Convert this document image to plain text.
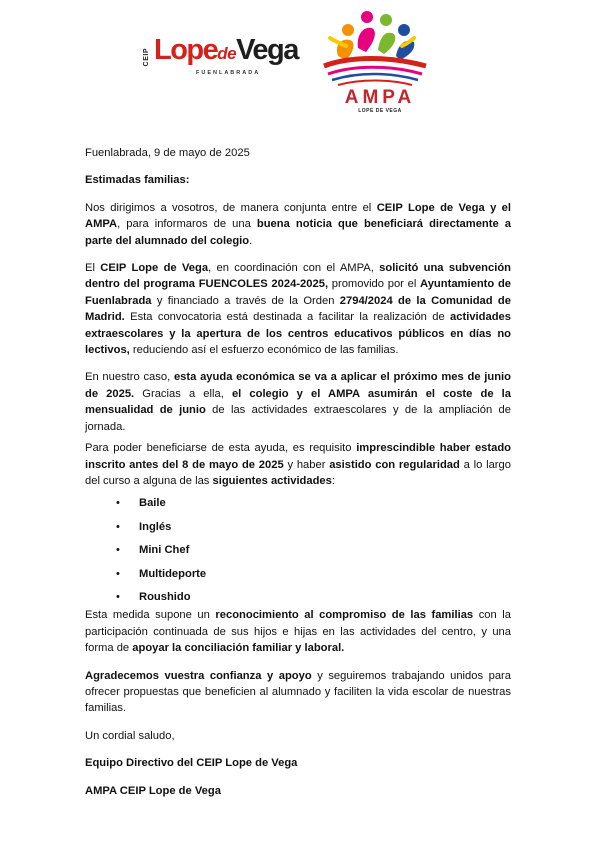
CEIP LopedeVega
FUENLABRADA
AMPA
LOPE DE VEGA

Fuenlabrada, 9 de mayo de 2025

Estimadas familias:

Nos dirigimos a vosotros, de manera conjunta entre el CEIP Lope de Vega y el AMPA, para informaros de una buena noticia que beneficiará directamente a parte del alumnado del colegio.

El CEIP Lope de Vega, en coordinación con el AMPA, solicitó una subvención dentro del programa FUENCOLES 2024-2025, promovido por el Ayuntamiento de Fuenlabrada y financiado a través de la Orden 2794/2024 de la Comunidad de Madrid. Esta convocatoria está destinada a facilitar la realización de actividades extraescolares y la apertura de los centros educativos públicos en días no lectivos, reduciendo así el esfuerzo económico de las familias.

En nuestro caso, esta ayuda económica se va a aplicar el próximo mes de junio de 2025. Gracias a ella, el colegio y el AMPA asumirán el coste de la mensualidad de junio de las actividades extraescolares y de la ampliación de jornada.

Para poder beneficiarse de esta ayuda, es requisito imprescindible haber estado inscrito antes del 8 de mayo de 2025 y haber asistido con regularidad a lo largo del curso a alguna de las siguientes actividades:

• Baile
• Inglés
• Mini Chef
• Multideporte
• Roushido

Esta medida supone un reconocimiento al compromiso de las familias con la participación continuada de sus hijos e hijas en las actividades del centro, y una forma de apoyar la conciliación familiar y laboral.

Agradecemos vuestra confianza y apoyo y seguiremos trabajando unidos para ofrecer propuestas que beneficien al alumnado y faciliten la vida escolar de nuestras familias.

Un cordial saludo,

Equipo Directivo del CEIP Lope de Vega

AMPA CEIP Lope de Vega
